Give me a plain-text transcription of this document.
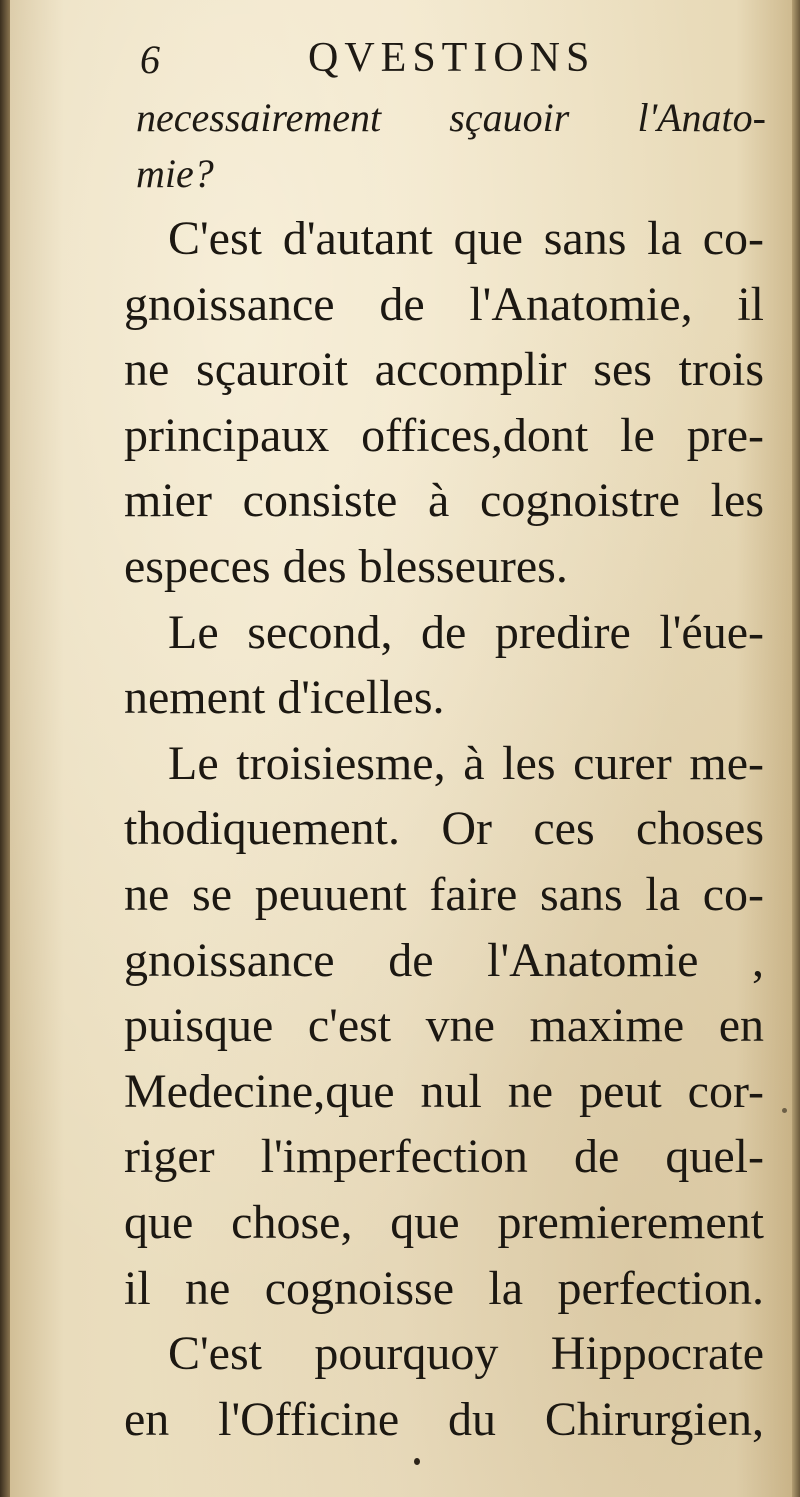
6	QVESTIONS
necessairement sçauoir l'Anato-
mie?
C'est d'autant que sans la co-
gnoissance de l'Anatomie, il
ne sçauroit accomplir ses trois
principaux offices,dont le pre-
mier consiste à cognoistre les
especes des blesseures.
Le second, de predire l'éue-
nement d'icelles.
Le troisiesme, à les curer me-
thodiquement. Or ces choses
ne se peuuent faire sans la co-
gnoissance de l'Anatomie ,
puisque c'est vne maxime en
Medecine,que nul ne peut cor-
riger l'imperfection de quel-
que chose, que premierement
il ne cognoisse la perfection.
C'est pourquoy Hippocrate
en l'Officine du Chirurgien,
